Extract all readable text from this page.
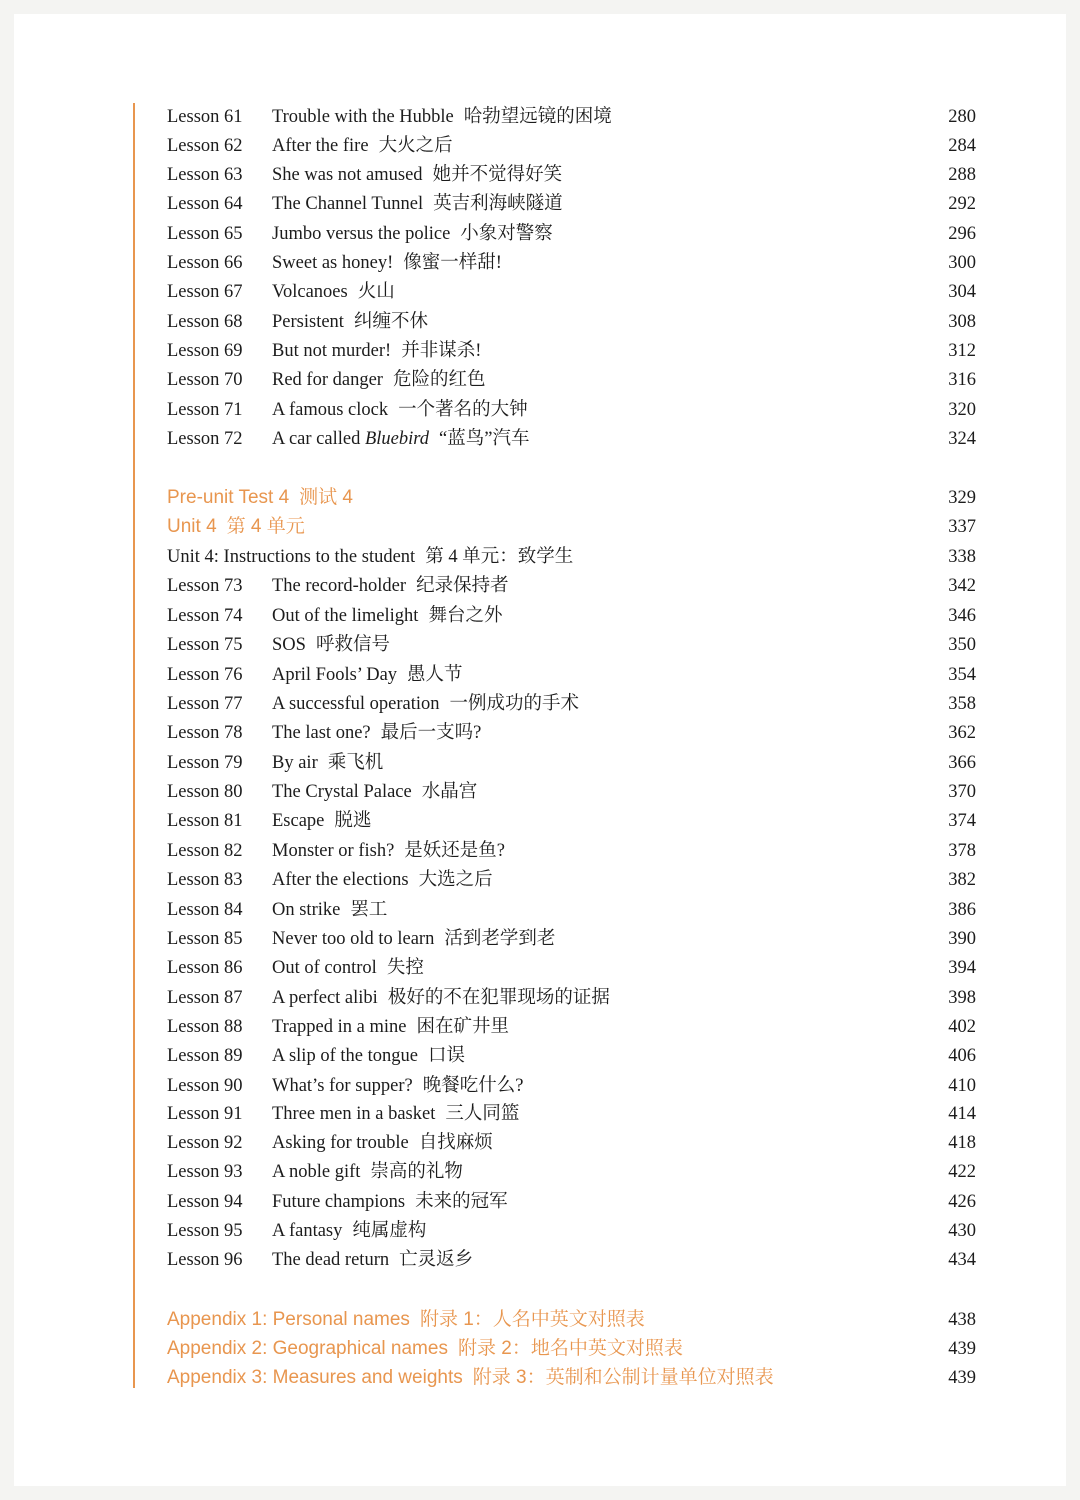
Lesson 61 Trouble with the Hubble 哈勃望远镜的困境	280
Lesson 62 After the fire 大火之后	284
Lesson 63 She was not amused 她并不觉得好笑	288
Lesson 64 The Channel Tunnel 英吉利海峡隧道	292
Lesson 65 Jumbo versus the police 小象对警察	296
Lesson 66 Sweet as honey! 像蜜一样甜!	300
Lesson 67 Volcanoes 火山	304
Lesson 68 Persistent 纠缠不休	308
Lesson 69 But not murder! 并非谋杀!	312
Lesson 70 Red for danger 危险的红色	316
Lesson 71 A famous clock 一个著名的大钟	320
Lesson 72 A car called Bluebird “蓝鸟”汽车	324
Pre-unit Test 4 测试 4	329
Unit 4 第 4 单元	337
Unit 4: Instructions to the student 第 4 单元：致学生	338
Lesson 73 The record-holder 纪录保持者	342
Lesson 74 Out of the limelight 舞台之外	346
Lesson 75 SOS 呼救信号	350
Lesson 76 April Fools’ Day 愚人节	354
Lesson 77 A successful operation 一例成功的手术	358
Lesson 78 The last one? 最后一支吗?	362
Lesson 79 By air 乘飞机	366
Lesson 80 The Crystal Palace 水晶宫	370
Lesson 81 Escape 脱逃	374
Lesson 82 Monster or fish? 是妖还是鱼?	378
Lesson 83 After the elections 大选之后	382
Lesson 84 On strike 罢工	386
Lesson 85 Never too old to learn 活到老学到老	390
Lesson 86 Out of control 失控	394
Lesson 87 A perfect alibi 极好的不在犯罪现场的证据	398
Lesson 88 Trapped in a mine 困在矿井里	402
Lesson 89 A slip of the tongue 口误	406
Lesson 90 What’s for supper? 晚餐吃什么?	410
Lesson 91 Three men in a basket 三人同篮	414
Lesson 92 Asking for trouble 自找麻烦	418
Lesson 93 A noble gift 崇高的礼物	422
Lesson 94 Future champions 未来的冠军	426
Lesson 95 A fantasy 纯属虚构	430
Lesson 96 The dead return 亡灵返乡	434
Appendix 1: Personal names 附录 1：人名中英文对照表	438
Appendix 2: Geographical names 附录 2：地名中英文对照表	439
Appendix 3: Measures and weights 附录 3：英制和公制计量单位对照表	439
